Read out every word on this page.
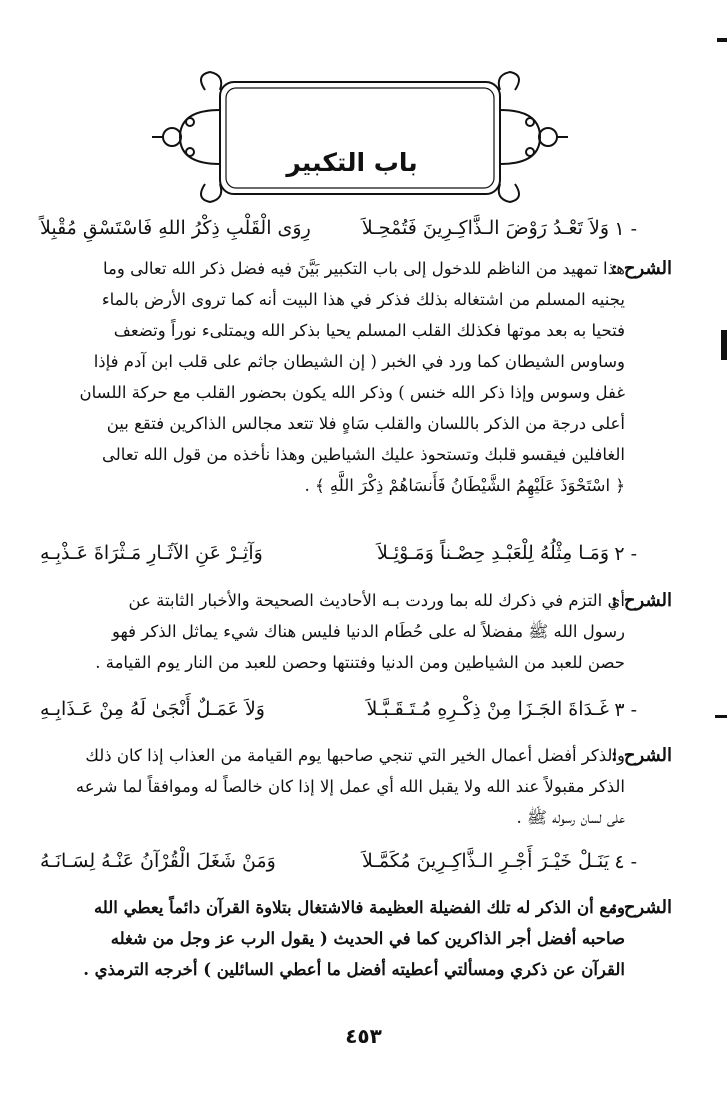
باب التكبير
رِوَى الْقَلْبِ ذِكْرُ اللهِ فَاسْتَسْقِ مُقْبِلاً	وَلاَ تَعْـدُ رَوْضَ الـذَّاكِـرِينَ فَتُمْحِـلاَ ١ -
الشرح :
هذا تمهيد من الناظم للدخول إلى باب التكبير بَيَّنَ فيه فضل ذكر الله تعالى وما
يجنيه المسلم من اشتغاله بذلك فذكر في هذا البيت أنه كما تروى الأرض بالماء
فتحيا به بعد موتها فكذلك القلب المسلم يحيا بذكر الله ويمتلىء نوراً وتضعف
وساوس الشيطان كما ورد في الخبر ( إن الشيطان جاثم على قلب ابن آدم فإذا
غفل وسوس وإذا ذكر الله خنس ) وذكر الله يكون بحضور القلب مع حركة اللسان
أعلى درجة من الذكر باللسان والقلب سَاهٍ فلا تتعد مجالس الذاكرين فتقع بين
الغافلين فيقسو قلبك وتستحوذ عليك الشياطين وهذا نأخذه من قول الله تعالى
﴿ اسْتَحْوَذَ عَلَيْهِمُ الشَّيْطَانُ فَأَنسَاهُمْ ذِكْرَ اللَّهِ ﴾ .
وَآثِـرْ عَنِ الآثَـارِ مَـثْرَاةَ عَـذْبِـهِ	وَمَـا مِثْلُهُ لِلْعَبْـدِ حِصْـناً وَمَـوْئِـلاَ ٢ -
الشرح :
أي التزم في ذكرك لله بما وردت بـه الأحاديث الصحيحة والأخبار الثابتة عن
رسول الله ﷺ مفضلاً له على حُطَام الدنيا فليس هناك شيء يماثل الذكر فهو
حصن للعبد من الشياطين ومن الدنيا وفتنتها وحصن للعبد من النار يوم القيامة .
وَلاَ عَمَـلٌ أَنْجَىٰ لَهُ مِنْ عَـذَابِـهِ	غَـدَاةَ الجَـزَا مِنْ ذِكْـرِهِ مُـتَـقَـبَّـلاَ ٣ -
الشرح :
والذكر أفضل أعمال الخير التي تنجي صاحبها يوم القيامة من العذاب إذا كان ذلك
الذكر مقبولاً عند الله ولا يقبل الله أي عمل إلا إذا كان خالصاً له وموافقاً لما شرعه
على لسان رسوله ﷺ .
وَمَنْ شَغَلَ الْقُرْآنُ عَنْـهُ لِسَـانَـهُ	يَنَـلْ خَيْـرَ أَجْـرِ الـذَّاكِـرِينَ مُكَمَّـلاَ ٤ -
الشرح :
ومع أن الذكر له تلك الفضيلة العظيمة فالاشتغال بتلاوة القرآن دائماً يعطي الله
صاحبه أفضل أجر الذاكرين كما في الحديث ( يقول الرب عز وجل من شغله
القرآن عن ذكري ومسألتي أعطيته أفضل ما أعطي السائلين ) أخرجه الترمذي .
٤٥٣
